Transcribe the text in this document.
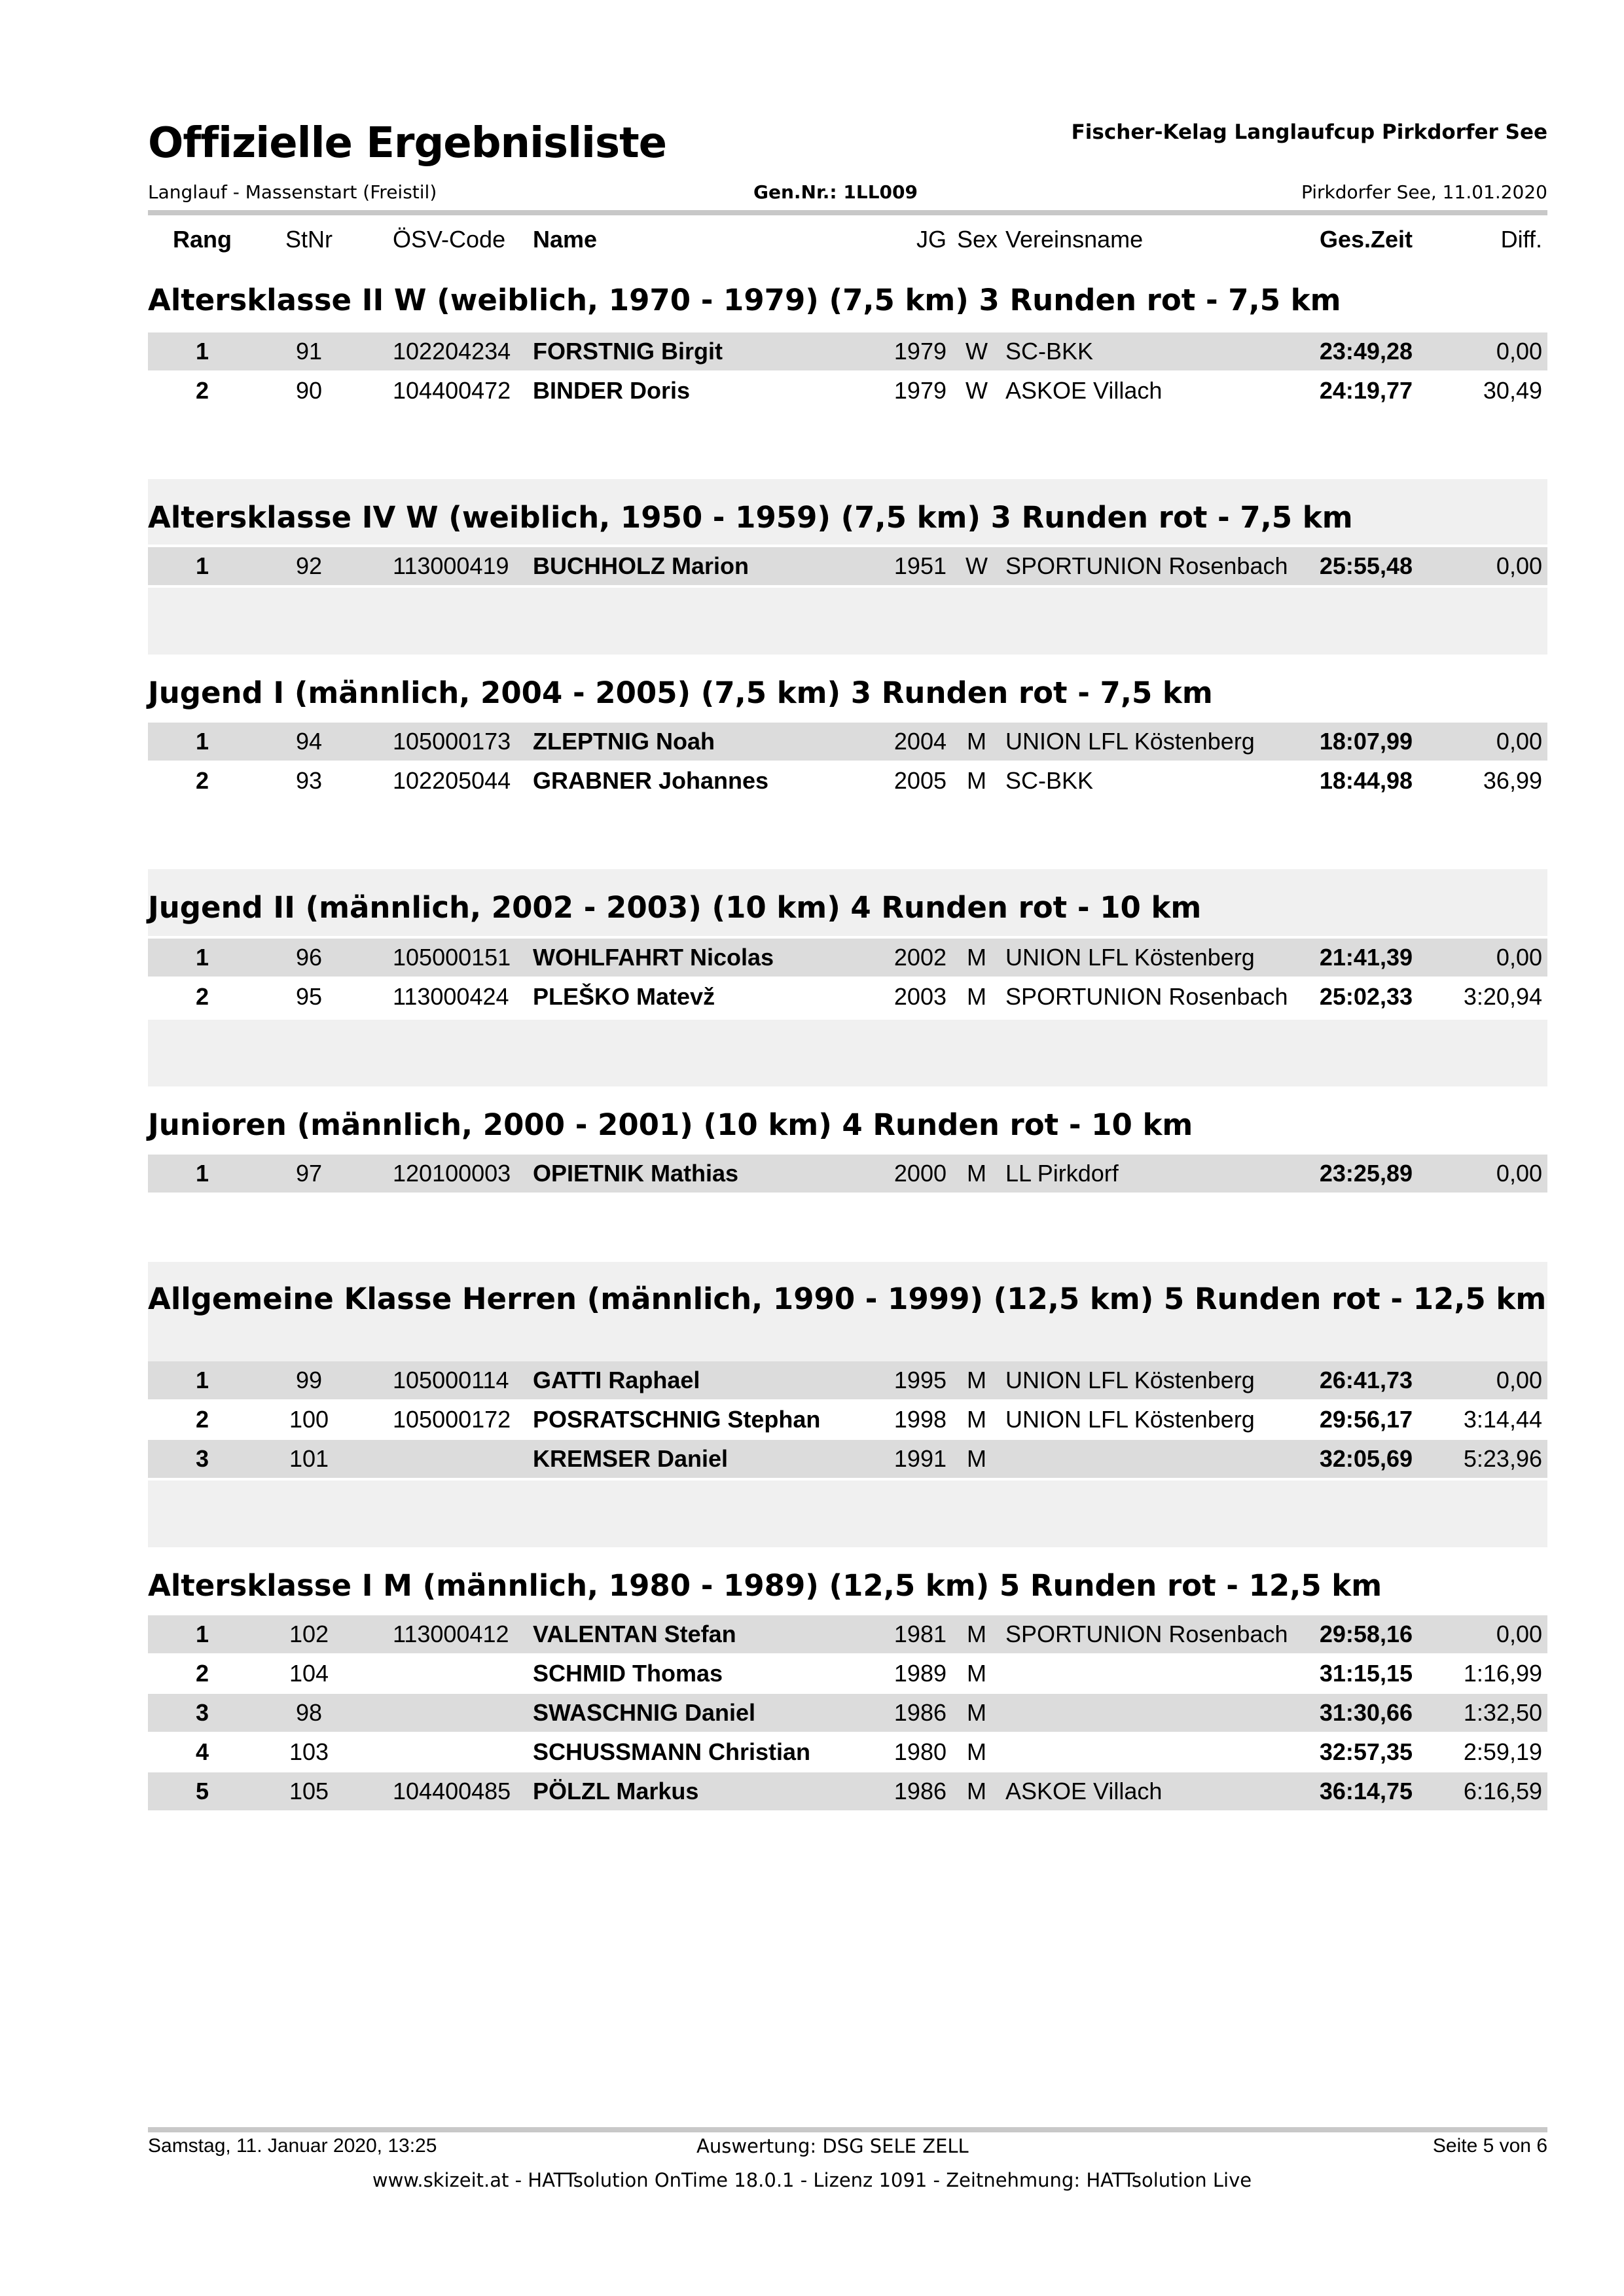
Offizielle Ergebnisliste	Fischer-Kelag Langlaufcup Pirkdorfer See
Langlauf - Massenstart (Freistil)	Gen.Nr.: 1LL009	Pirkdorfer See, 11.01.2020
Rang	StNr	ÖSV-Code Name	JG Sex Vereinsname	Ges.Zeit	Diff.
Altersklasse II W (weiblich, 1970 - 1979) (7,5 km) 3 Runden rot - 7,5 km
1	91	102204234 FORSTNIG Birgit	1979 W SC-BKK	23:49,28	0,00
2	90	104400472 BINDER Doris	1979 W ASKOE Villach	24:19,77	30,49
Altersklasse IV W (weiblich, 1950 - 1959) (7,5 km) 3 Runden rot - 7,5 km
1	92	113000419 BUCHHOLZ Marion	1951 W SPORTUNION Rosenbach	25:55,48	0,00
Jugend I (männlich, 2004 - 2005) (7,5 km) 3 Runden rot - 7,5 km
1	94	105000173 ZLEPTNIG Noah	2004 M UNION LFL Köstenberg	18:07,99	0,00
2	93	102205044 GRABNER Johannes	2005 M SC-BKK	18:44,98	36,99
Jugend II (männlich, 2002 - 2003) (10 km) 4 Runden rot - 10 km
1	96	105000151 WOHLFAHRT Nicolas	2002 M UNION LFL Köstenberg	21:41,39	0,00
2	95	113000424 PLEŠKO Matevž	2003 M SPORTUNION Rosenbach	25:02,33	3:20,94
Junioren (männlich, 2000 - 2001) (10 km) 4 Runden rot - 10 km
1	97	120100003 OPIETNIK Mathias	2000 M LL Pirkdorf	23:25,89	0,00
Allgemeine Klasse Herren (männlich, 1990 - 1999) (12,5 km) 5 Runden rot - 12,5 km
1	99	105000114 GATTI Raphael	1995 M UNION LFL Köstenberg	26:41,73	0,00
2	100	105000172 POSRATSCHNIG Stephan	1998 M UNION LFL Köstenberg	29:56,17	3:14,44
3	101	KREMSER Daniel	1991 M	32:05,69	5:23,96
Altersklasse I M (männlich, 1980 - 1989) (12,5 km) 5 Runden rot - 12,5 km
1	102	113000412 VALENTAN Stefan	1981 M SPORTUNION Rosenbach	29:58,16	0,00
2	104	SCHMID Thomas	1989 M	31:15,15	1:16,99
3	98	SWASCHNIG Daniel	1986 M	31:30,66	1:32,50
4	103	SCHUSSMANN Christian	1980 M	32:57,35	2:59,19
5	105	104400485 PÖLZL Markus	1986 M ASKOE Villach	36:14,75	6:16,59
Samstag, 11. Januar 2020, 13:25	Auswertung: DSG SELE ZELL	Seite 5 von 6
www.skizeit.at - HATTsolution OnTime 18.0.1 - Lizenz 1091 - Zeitnehmung: HATTsolution Live
